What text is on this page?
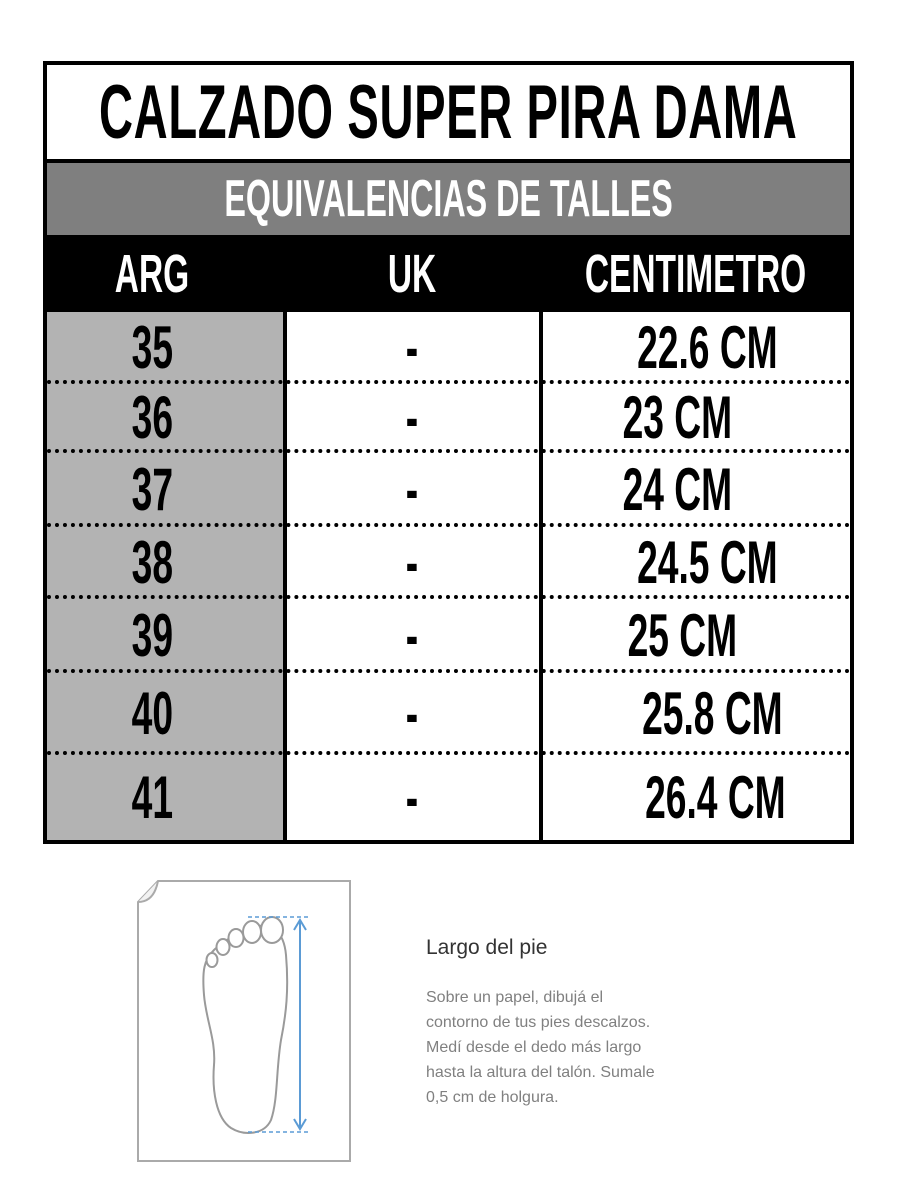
CALZADO SUPER PIRA DAMA
EQUIVALENCIAS DE TALLES
ARG	UK	CENTIMETRO
35	-	22.6 CM
36	-	23 CM
37	-	24 CM
38	-	24.5 CM
39	-	25 CM
40	-	25.8 CM
41	-	26.4 CM
Largo del pie
Sobre un papel, dibujá el
contorno de tus pies descalzos.
Medí desde el dedo más largo
hasta la altura del talón. Sumale
0,5 cm de holgura.
